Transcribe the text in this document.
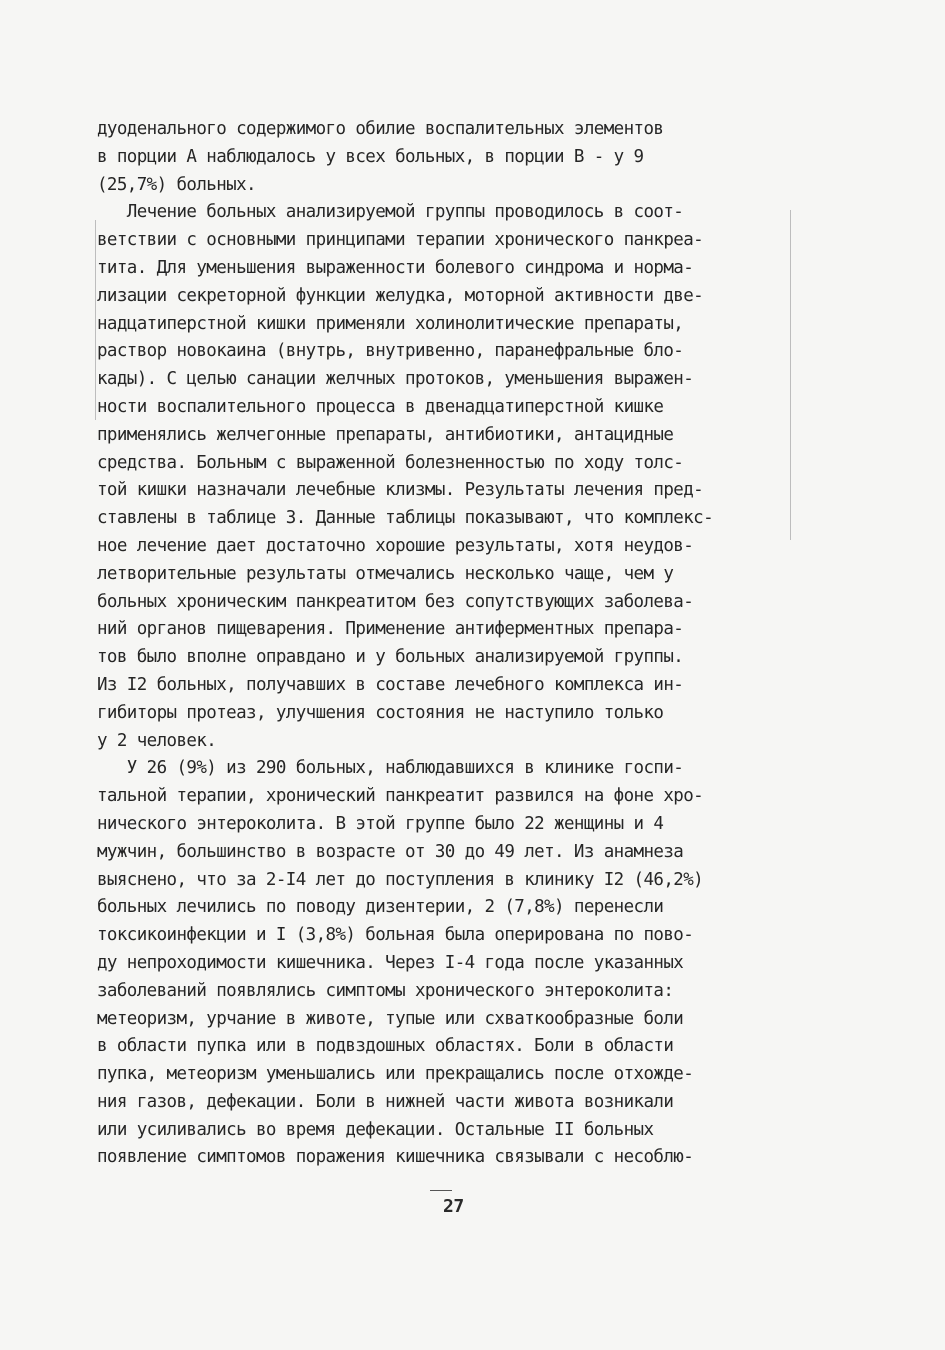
дуоденального содержимого обилие воспалительных элементов
в порции А наблюдалось у всех больных, в порции В - у 9
(25,7%) больных.
Лечение больных анализируемой группы проводилось в соот-
ветствии с основными принципами терапии хронического панкреа-
тита. Для уменьшения выраженности болевого синдрома и норма-
лизации секреторной функции желудка, моторной активности две-
надцатиперстной кишки применяли холинолитические препараты,
раствор новокаина (внутрь, внутривенно, паранефральные бло-
кады). С целью санации желчных протоков, уменьшения выражен-
ности воспалительного процесса в двенадцатиперстной кишке
применялись желчегонные препараты, антибиотики, антацидные
средства. Больным с выраженной болезненностью по ходу толс-
той кишки назначали лечебные клизмы. Результаты лечения пред-
ставлены в таблице 3. Данные таблицы показывают, что комплекс-
ное лечение дает достаточно хорошие результаты, хотя неудов-
летворительные результаты отмечались несколько чаще, чем у
больных хроническим панкреатитом без сопутствующих заболева-
ний органов пищеварения. Применение антиферментных препара-
тов было вполне оправдано и у больных анализируемой группы.
Из I2 больных, получавших в составе лечебного комплекса ин-
гибиторы протеаз, улучшения состояния не наступило только
у 2 человек.
У 26 (9%) из 290 больных, наблюдавшихся в клинике госпи-
тальной терапии, хронический панкреатит развился на фоне хро-
нического энтероколита. В этой группе было 22 женщины и 4
мужчин, большинство в возрасте от 30 до 49 лет. Из анамнеза
выяснено, что за 2-I4 лет до поступления в клинику I2 (46,2%)
больных лечились по поводу дизентерии, 2 (7,8%) перенесли
токсикоинфекции и I (3,8%) больная была оперирована по пово-
ду непроходимости кишечника. Через I-4 года после указанных
заболеваний появлялись симптомы хронического энтероколита:
метеоризм, урчание в животе, тупые или схваткообразные боли
в области пупка или в подвздошных областях. Боли в области
пупка, метеоризм уменьшались или прекращались после отхожде-
ния газов, дефекации. Боли в нижней части живота возникали
или усиливались во время дефекации. Остальные II больных
появление симптомов поражения кишечника связывали с несоблю-
27
